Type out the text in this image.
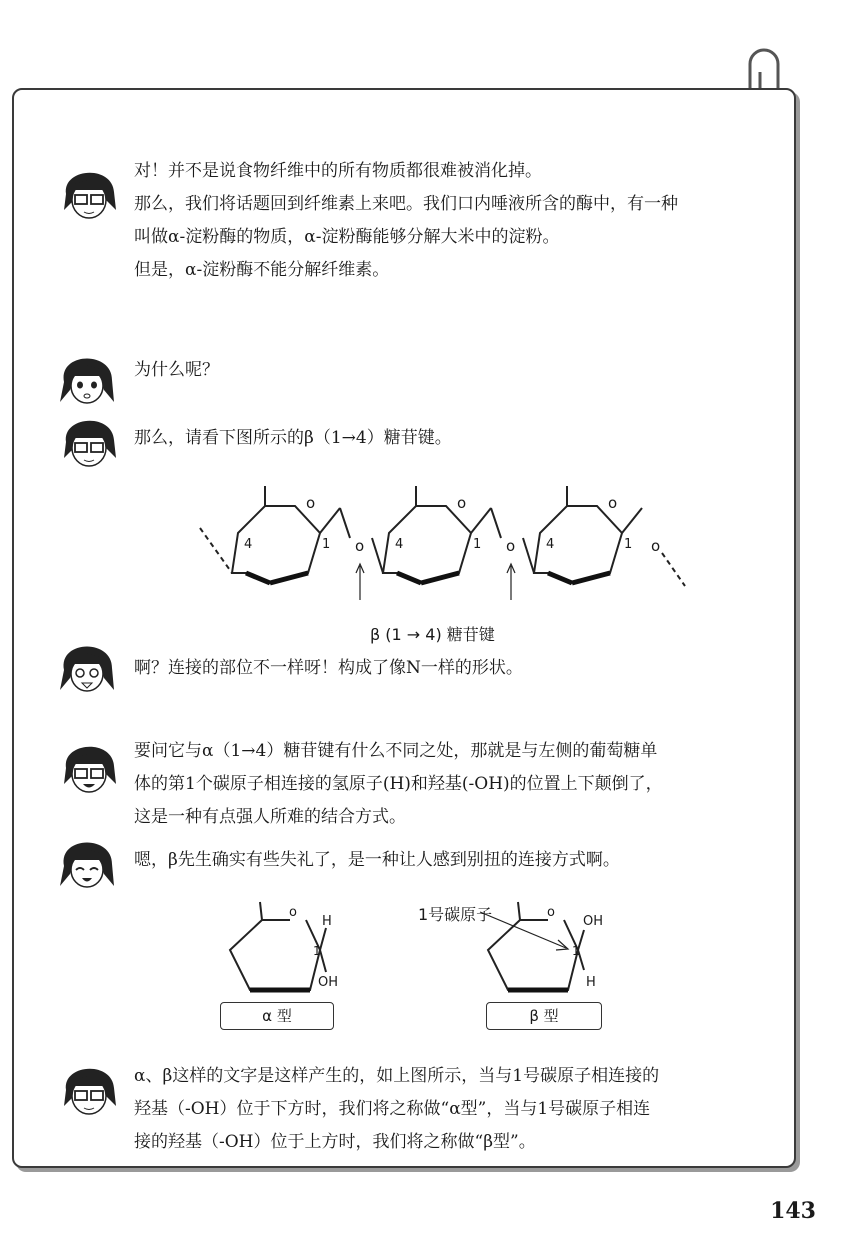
对！并不是说食物纤维中的所有物质都很难被消化掉。

那么，我们将话题回到纤维素上来吧。我们口内唾液所含的酶中，有一种

叫做α-淀粉酶的物质，α-淀粉酶能够分解大米中的淀粉。

但是，α-淀粉酶不能分解纤维素。

为什么呢？

那么，请看下图所示的β（1→4）糖苷键。

o	o	o
o	o	o
4	4	4
1	1	1
β (1 → 4) 糖苷键

啊？连接的部位不一样呀！构成了像N一样的形状。

要问它与α（1→4）糖苷键有什么不同之处，那就是与左侧的葡萄糖单

体的第1个碳原子相连接的氢原子(H)和羟基(-OH)的位置上下颠倒了，

这是一种有点强人所难的结合方式。

嗯，β先生确实有些失礼了，是一种让人感到别扭的连接方式啊。

o	o
H
OH
1
OH
H
1
1号碳原子
α 型	β 型

α、β这样的文字是这样产生的，如上图所示，当与1号碳原子相连接的

羟基（-OH）位于下方时，我们将之称做“α型”，当与1号碳原子相连

接的羟基（-OH）位于上方时，我们将之称做“β型”。

143
